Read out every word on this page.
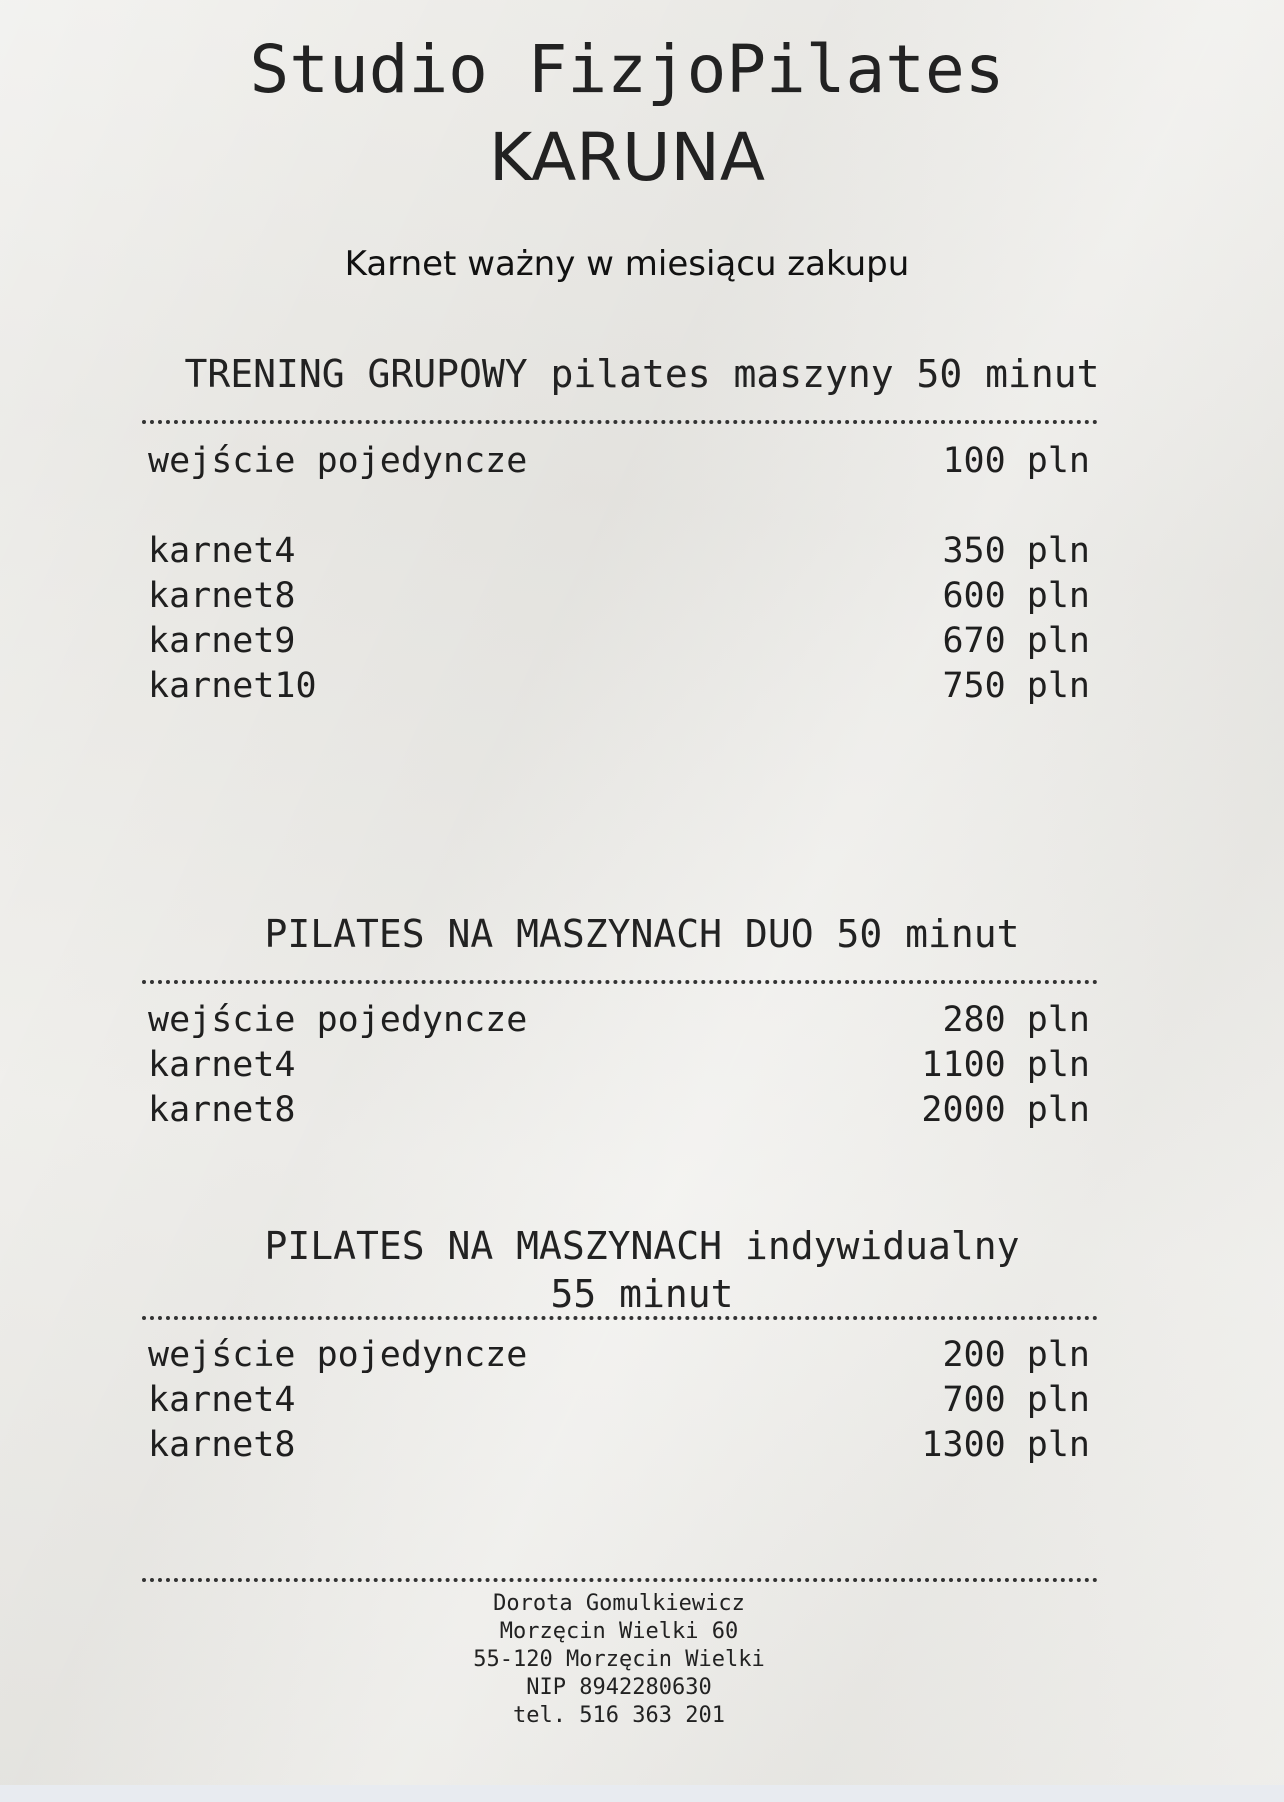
Studio FizjoPilates
KARUNA

Karnet ważny w miesiącu zakupu

TRENING GRUPOWY pilates maszyny 50 minut
wejście pojedyncze	100 pln
karnet4	350 pln
karnet8	600 pln
karnet9	670 pln
karnet10	750 pln
PILATES NA MASZYNACH DUO 50 minut
wejście pojedyncze	280 pln
karnet4	1100 pln
karnet8	2000 pln
PILATES NA MASZYNACH indywidualny
55 minut
wejście pojedyncze	200 pln
karnet4	700 pln
karnet8	1300 pln
Dorota Gomulkiewicz
Morzęcin Wielki 60
55-120 Morzęcin Wielki
NIP 8942280630
tel. 516 363 201
